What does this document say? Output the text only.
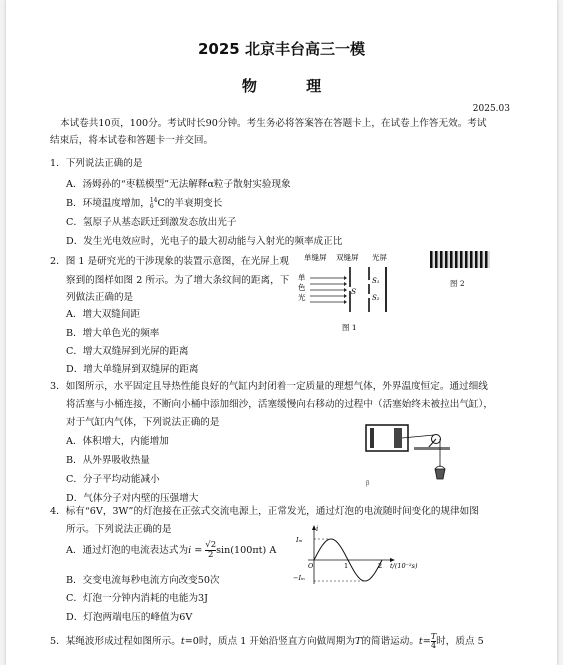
2025 北京丰台高三一模
物 理
2025.03
本试卷共10页，100分。考试时长90分钟。考生务必将答案答在答题卡上，在试卷上作答无效。考试
结束后，将本试卷和答题卡一并交回。
1．下列说法正确的是
A．汤姆孙的“枣糕模型”无法解释α粒子散射实验现象
B．环境温度增加，14
6 C的半衰期变长
C．氢原子从基态跃迁到激发态放出光子
D．发生光电效应时，光电子的最大初动能与入射光的频率成正比
2．图 1 是研究光的干涉现象的装置示意图，在光屏上观
察到的图样如图 2 所示。为了增大条纹间的距离，下
列做法正确的是
A．增大双缝间距
B．增大单色光的频率
C．增大双缝屏到光屏的距离
D．增大单缝屏到双缝屏的距离
单缝屏 双缝屏 光屏
单
色
光
S
S₁
S₂
图 1
图 2
3．如图所示，水平固定且导热性能良好的气缸内封闭着一定质量的理想气体，外界温度恒定。通过细线
将活塞与小桶连接，不断向小桶中添加细沙，活塞缓慢向右移动的过程中（活塞始终未被拉出气缸），
对于气缸内气体，下列说法正确的是
A．体积增大，内能增加
B．从外界吸收热量
C．分子平均动能减小
D．气体分子对内壁的压强增大
β
4．标有“6V，3W”的灯泡接在正弦式交流电源上，正常发光，通过灯泡的电流随时间变化的规律如图
所示。下列说法正确的是
A．通过灯泡的电流表达式为$i = \frac{√2}{2} \sin(100\pi t)$ A
B．交变电流每秒电流方向改变50次
C．灯泡一分钟内消耗的电能为3J
D．灯泡两端电压的峰值为6V
i
Iₘ
−Iₘ
O	1	2 t/(10⁻²s)
5．某绳波形成过程如图所示。t=0时，质点 1 开始沿竖直方向做周期为T的简谐运动。$t= \frac{T}{4}$ 时，质点 5
